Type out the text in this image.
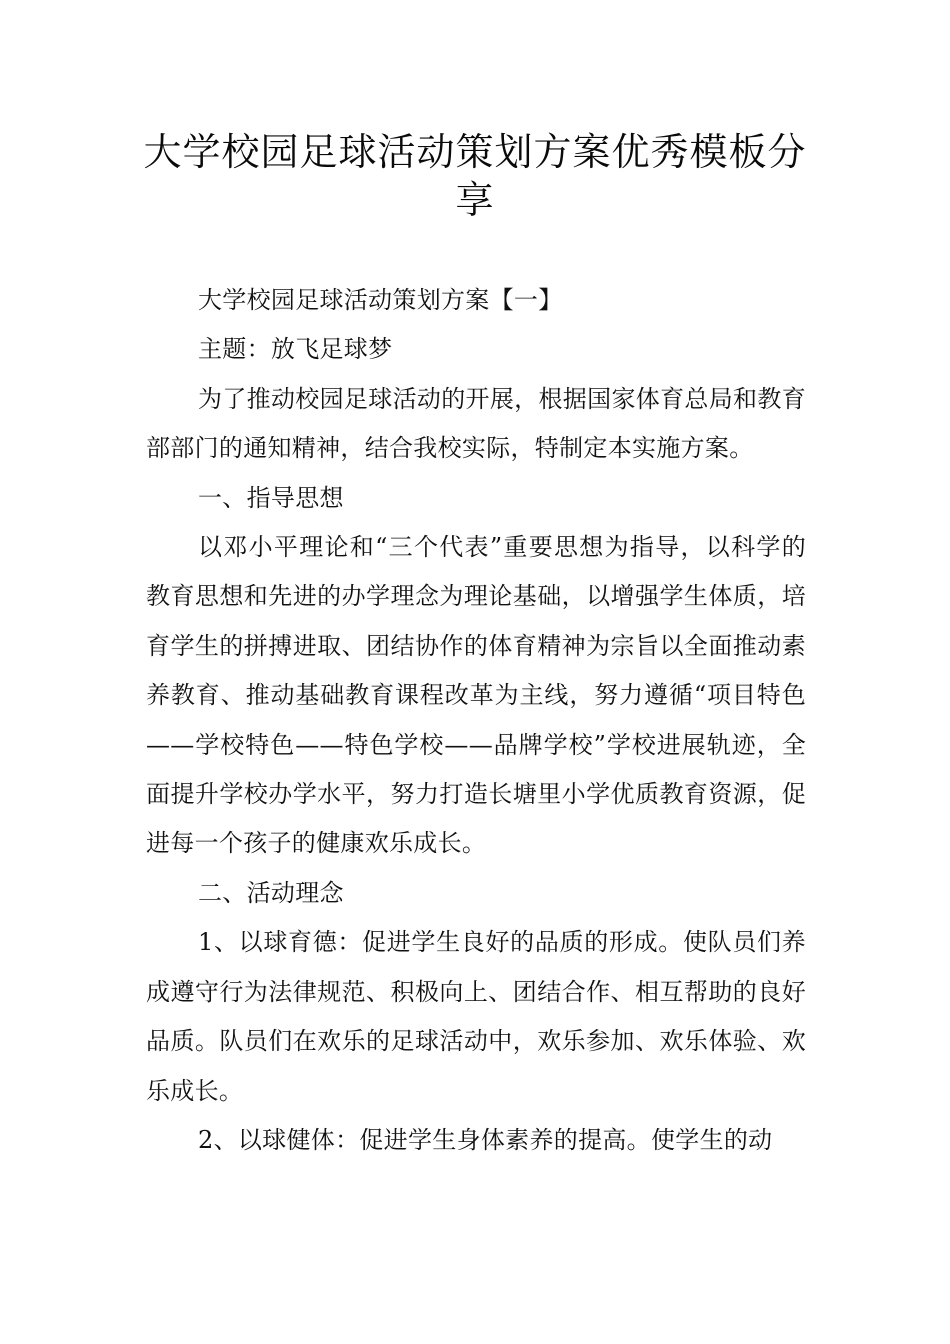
大学校园足球活动策划方案优秀模板分享

大学校园足球活动策划方案【一】

主题：放飞足球梦

为了推动校园足球活动的开展，根据国家体育总局和教育部部门的通知精神，结合我校实际，特制定本实施方案。

一、指导思想

以邓小平理论和“三个代表”重要思想为指导，以科学的教育思想和先进的办学理念为理论基础，以增强学生体质，培育学生的拼搏进取、团结协作的体育精神为宗旨以全面推动素养教育、推动基础教育课程改革为主线，努力遵循“项目特色——学校特色——特色学校——品牌学校”学校进展轨迹，全面提升学校办学水平，努力打造长塘里小学优质教育资源，促进每一个孩子的健康欢乐成长。

二、活动理念

1、以球育德：促进学生良好的品质的形成。使队员们养成遵守行为法律规范、积极向上、团结合作、相互帮助的良好品质。队员们在欢乐的足球活动中，欢乐参加、欢乐体验、欢乐成长。

2、以球健体：促进学生身体素养的提高。使学生的动
